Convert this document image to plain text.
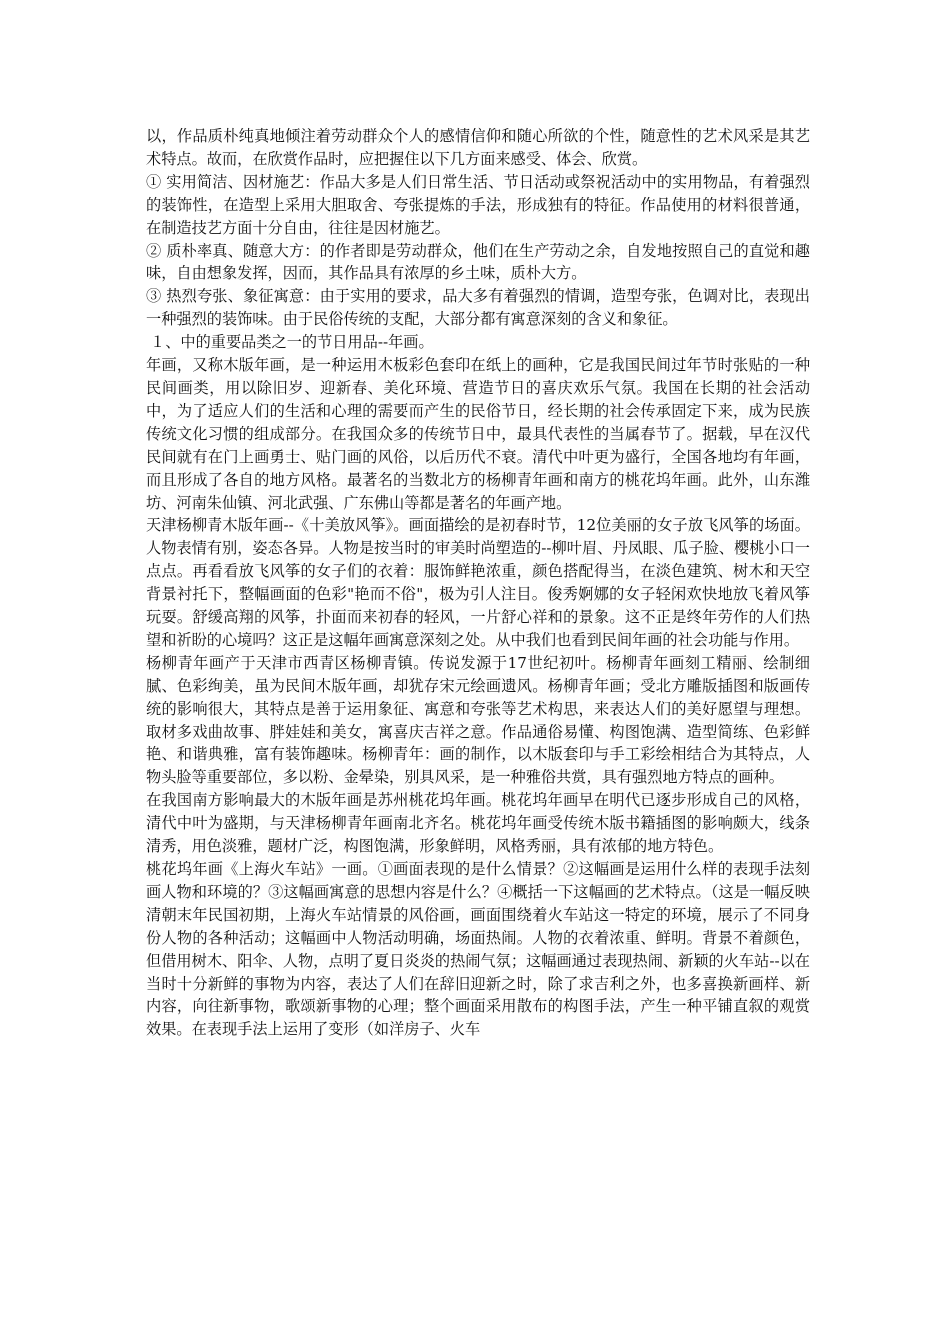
以，作品质朴纯真地倾注着劳动群众个人的感情信仰和随心所欲的个性，随意性的艺术风采是其艺术特点。故而，在欣赏作品时，应把握住以下几方面来感受、体会、欣赏。

① 实用简洁、因材施艺：作品大多是人们日常生活、节日活动或祭祝活动中的实用物品，有着强烈的装饰性，在造型上采用大胆取舍、夸张提炼的手法，形成独有的特征。作品使用的材料很普通，在制造技艺方面十分自由，往往是因材施艺。

② 质朴率真、随意大方：的作者即是劳动群众，他们在生产劳动之余，自发地按照自己的直觉和趣味，自由想象发挥，因而，其作品具有浓厚的乡土味，质朴大方。

③ 热烈夸张、象征寓意：由于实用的要求，品大多有着强烈的情调，造型夸张，色调对比，表现出一种强烈的装饰味。由于民俗传统的支配，大部分都有寓意深刻的含义和象征。

１、中的重要品类之一的节日用品--年画。

年画，又称木版年画，是一种运用木板彩色套印在纸上的画种，它是我国民间过年节时张贴的一种民间画类，用以除旧岁、迎新春、美化环境、营造节日的喜庆欢乐气氛。我国在长期的社会活动中，为了适应人们的生活和心理的需要而产生的民俗节日，经长期的社会传承固定下来，成为民族传统文化习惯的组成部分。在我国众多的传统节日中，最具代表性的当属春节了。据载，早在汉代民间就有在门上画勇士、贴门画的风俗，以后历代不衰。清代中叶更为盛行，全国各地均有年画，而且形成了各自的地方风格。最著名的当数北方的杨柳青年画和南方的桃花坞年画。此外，山东潍坊、河南朱仙镇、河北武强、广东佛山等都是著名的年画产地。

天津杨柳青木版年画--《十美放风筝》。画面描绘的是初春时节，12位美丽的女子放飞风筝的场面。人物表情有别，姿态各异。人物是按当时的审美时尚塑造的--柳叶眉、丹凤眼、瓜子脸、樱桃小口一点点。再看看放飞风筝的女子们的衣着：服饰鲜艳浓重，颜色搭配得当，在淡色建筑、树木和天空背景衬托下，整幅画面的色彩"艳而不俗"，极为引人注目。俊秀婀娜的女子轻闲欢快地放飞着风筝玩耍。舒缓高翔的风筝，扑面而来初春的轻风，一片舒心祥和的景象。这不正是终年劳作的人们热望和祈盼的心境吗？这正是这幅年画寓意深刻之处。从中我们也看到民间年画的社会功能与作用。

杨柳青年画产于天津市西青区杨柳青镇。传说发源于17世纪初叶。杨柳青年画刻工精丽、绘制细腻、色彩绚美，虽为民间木版年画，却犹存宋元绘画遗风。杨柳青年画；受北方雕版插图和版画传统的影响很大，其特点是善于运用象征、寓意和夸张等艺术构思，来表达人们的美好愿望与理想。取材多戏曲故事、胖娃娃和美女，寓喜庆吉祥之意。作品通俗易懂、构图饱满、造型简练、色彩鲜艳、和谐典雅，富有装饰趣味。杨柳青年：画的制作，以木版套印与手工彩绘相结合为其特点，人物头脸等重要部位，多以粉、金晕染，别具风采，是一种雅俗共赏，具有强烈地方特点的画种。

在我国南方影响最大的木版年画是苏州桃花坞年画。桃花坞年画早在明代已逐步形成自己的风格，清代中叶为盛期，与天津杨柳青年画南北齐名。桃花坞年画受传统木版书籍插图的影响颇大，线条清秀，用色淡雅，题材广泛，构图饱满，形象鲜明，风格秀丽，具有浓郁的地方特色。

桃花坞年画《上海火车站》一画。①画面表现的是什么情景？②这幅画是运用什么样的表现手法刻画人物和环境的？③这幅画寓意的思想内容是什么？④概括一下这幅画的艺术特点。（这是一幅反映清朝末年民国初期，上海火车站情景的风俗画，画面围绕着火车站这一特定的环境，展示了不同身份人物的各种活动；这幅画中人物活动明确，场面热闹。人物的衣着浓重、鲜明。背景不着颜色，但借用树木、阳伞、人物，点明了夏日炎炎的热闹气氛；这幅画通过表现热闹、新颖的火车站--以在当时十分新鲜的事物为内容，表达了人们在辞旧迎新之时，除了求吉利之外，也多喜换新画样、新内容，向往新事物，歌颂新事物的心理；整个画面采用散布的构图手法，产生一种平铺直叙的观赏效果。在表现手法上运用了变形（如洋房子、火车
